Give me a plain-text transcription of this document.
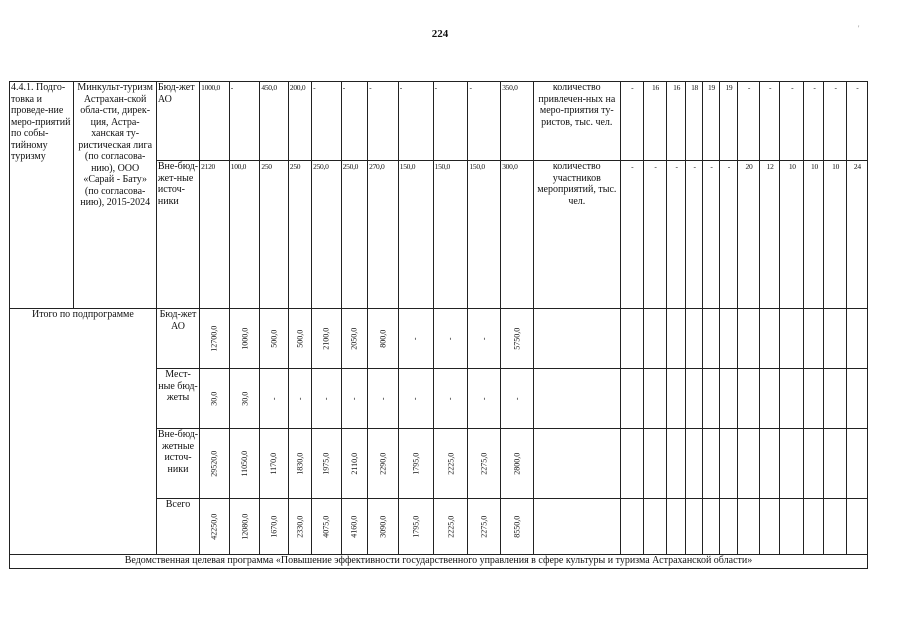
224	'
4.4.1. Подго-товка и проведе-ние меро-приятий по собы-тийному туризму	Минкульт-туризм Астрахан-ской обла-сти, дирек-ция, Астра-ханская ту-ристическая лига (по согласова-нию), ООО «Сарай - Бату» (по согласова-нию), 2015-2024	Бюд-жет АО	1000,0	-	450,0	200,0	-	-	-	-	-	-	350,0	количество привлечен-ных на меро-приятия ту-ристов, тыс. чел.	-	16	16	18	19	19	-	-	-	-	-	-
		Вне-бюд-жет-ные источ-ники	2120	100,0	250	250	250,0	250,0	270,0	150,0	150,0	150,0	300,0	количество участников мероприятий, тыс. чел.	-	-	-	-	-	-	20	12	10	10	10	24
Итого по подпрограмме		Бюд-жет АО	12700,0	1000,0	500,0	500,0	2100,0	2050,0	800,0	-	-	-	5750,0													
		Мест-ные бюд-жеты	30,0	30,0	-	-	-	-	-	-	-	-	-													
		Вне-бюд-жетные источ-ники	29520,0	11050,0	1170,0	1830,0	1975,0	2110,0	2290,0	1795,0	2225,0	2275,0	2800,0													
		Всего	42250,0	12080,0	1670,0	2330,0	4075,0	4160,0	3090,0	1795,0	2225,0	2275,0	8550,0													
Ведомственная целевая программа «Повышение эффективности государственного управления в сфере культуры и туризма Астраханской области»																										
